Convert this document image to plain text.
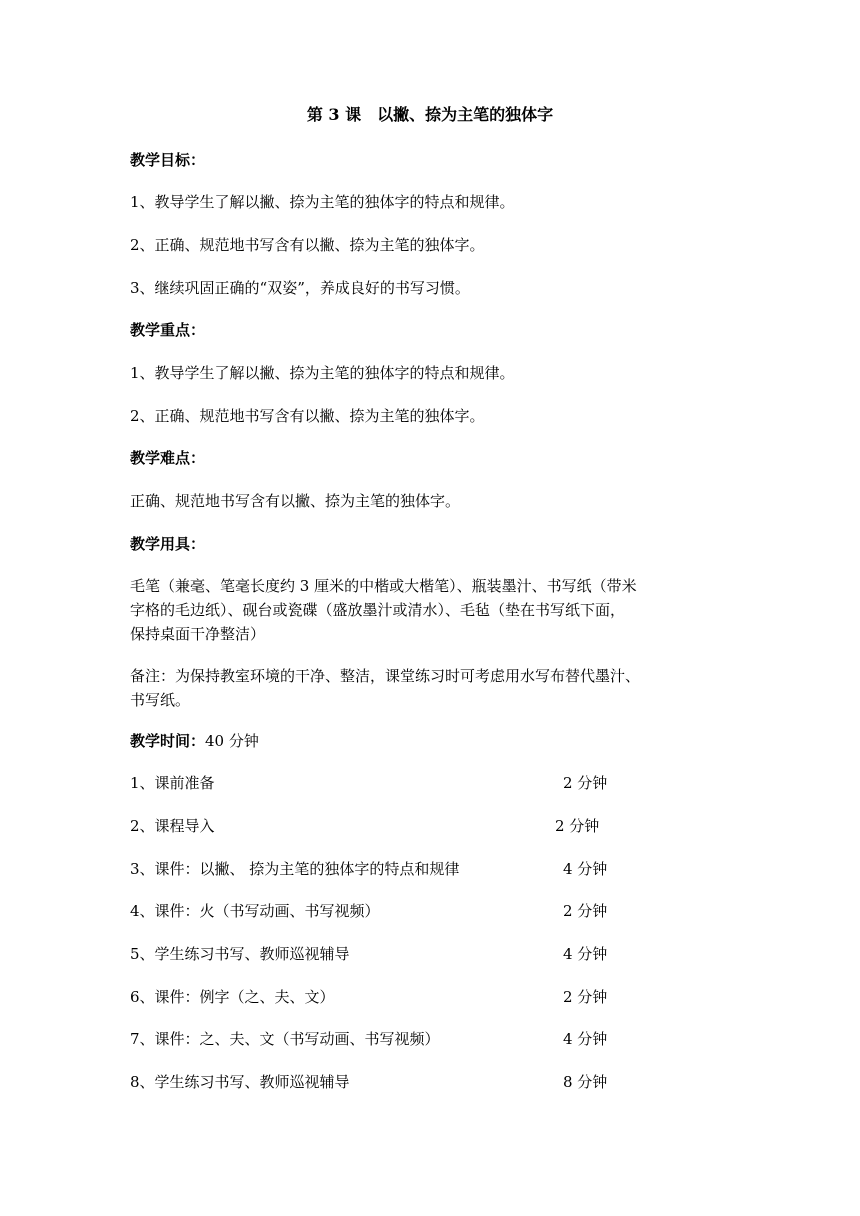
第 3 课　以撇、捺为主笔的独体字
教学目标：
1、教导学生了解以撇、捺为主笔的独体字的特点和规律。
2、正确、规范地书写含有以撇、捺为主笔的独体字。
3、继续巩固正确的“双姿”，养成良好的书写习惯。
教学重点：
1、教导学生了解以撇、捺为主笔的独体字的特点和规律。
2、正确、规范地书写含有以撇、捺为主笔的独体字。
教学难点：
正确、规范地书写含有以撇、捺为主笔的独体字。
教学用具：
毛笔（兼毫、笔毫长度约 3 厘米的中楷或大楷笔）、瓶装墨汁、书写纸（带米
字格的毛边纸）、砚台或瓷碟（盛放墨汁或清水）、毛毡（垫在书写纸下面，
保持桌面干净整洁）
备注：为保持教室环境的干净、整洁，课堂练习时可考虑用水写布替代墨汁、
书写纸。
教学时间：40 分钟
1、课前准备	2 分钟
2、课程导入	2 分钟
3、课件：以撇、 捺为主笔的独体字的特点和规律	4 分钟
4、课件：火（书写动画、书写视频）	2 分钟
5、学生练习书写、教师巡视辅导	4 分钟
6、课件：例字（之、夫、文）	2 分钟
7、课件：之、夫、文（书写动画、书写视频）	4 分钟
8、学生练习书写、教师巡视辅导	8 分钟
